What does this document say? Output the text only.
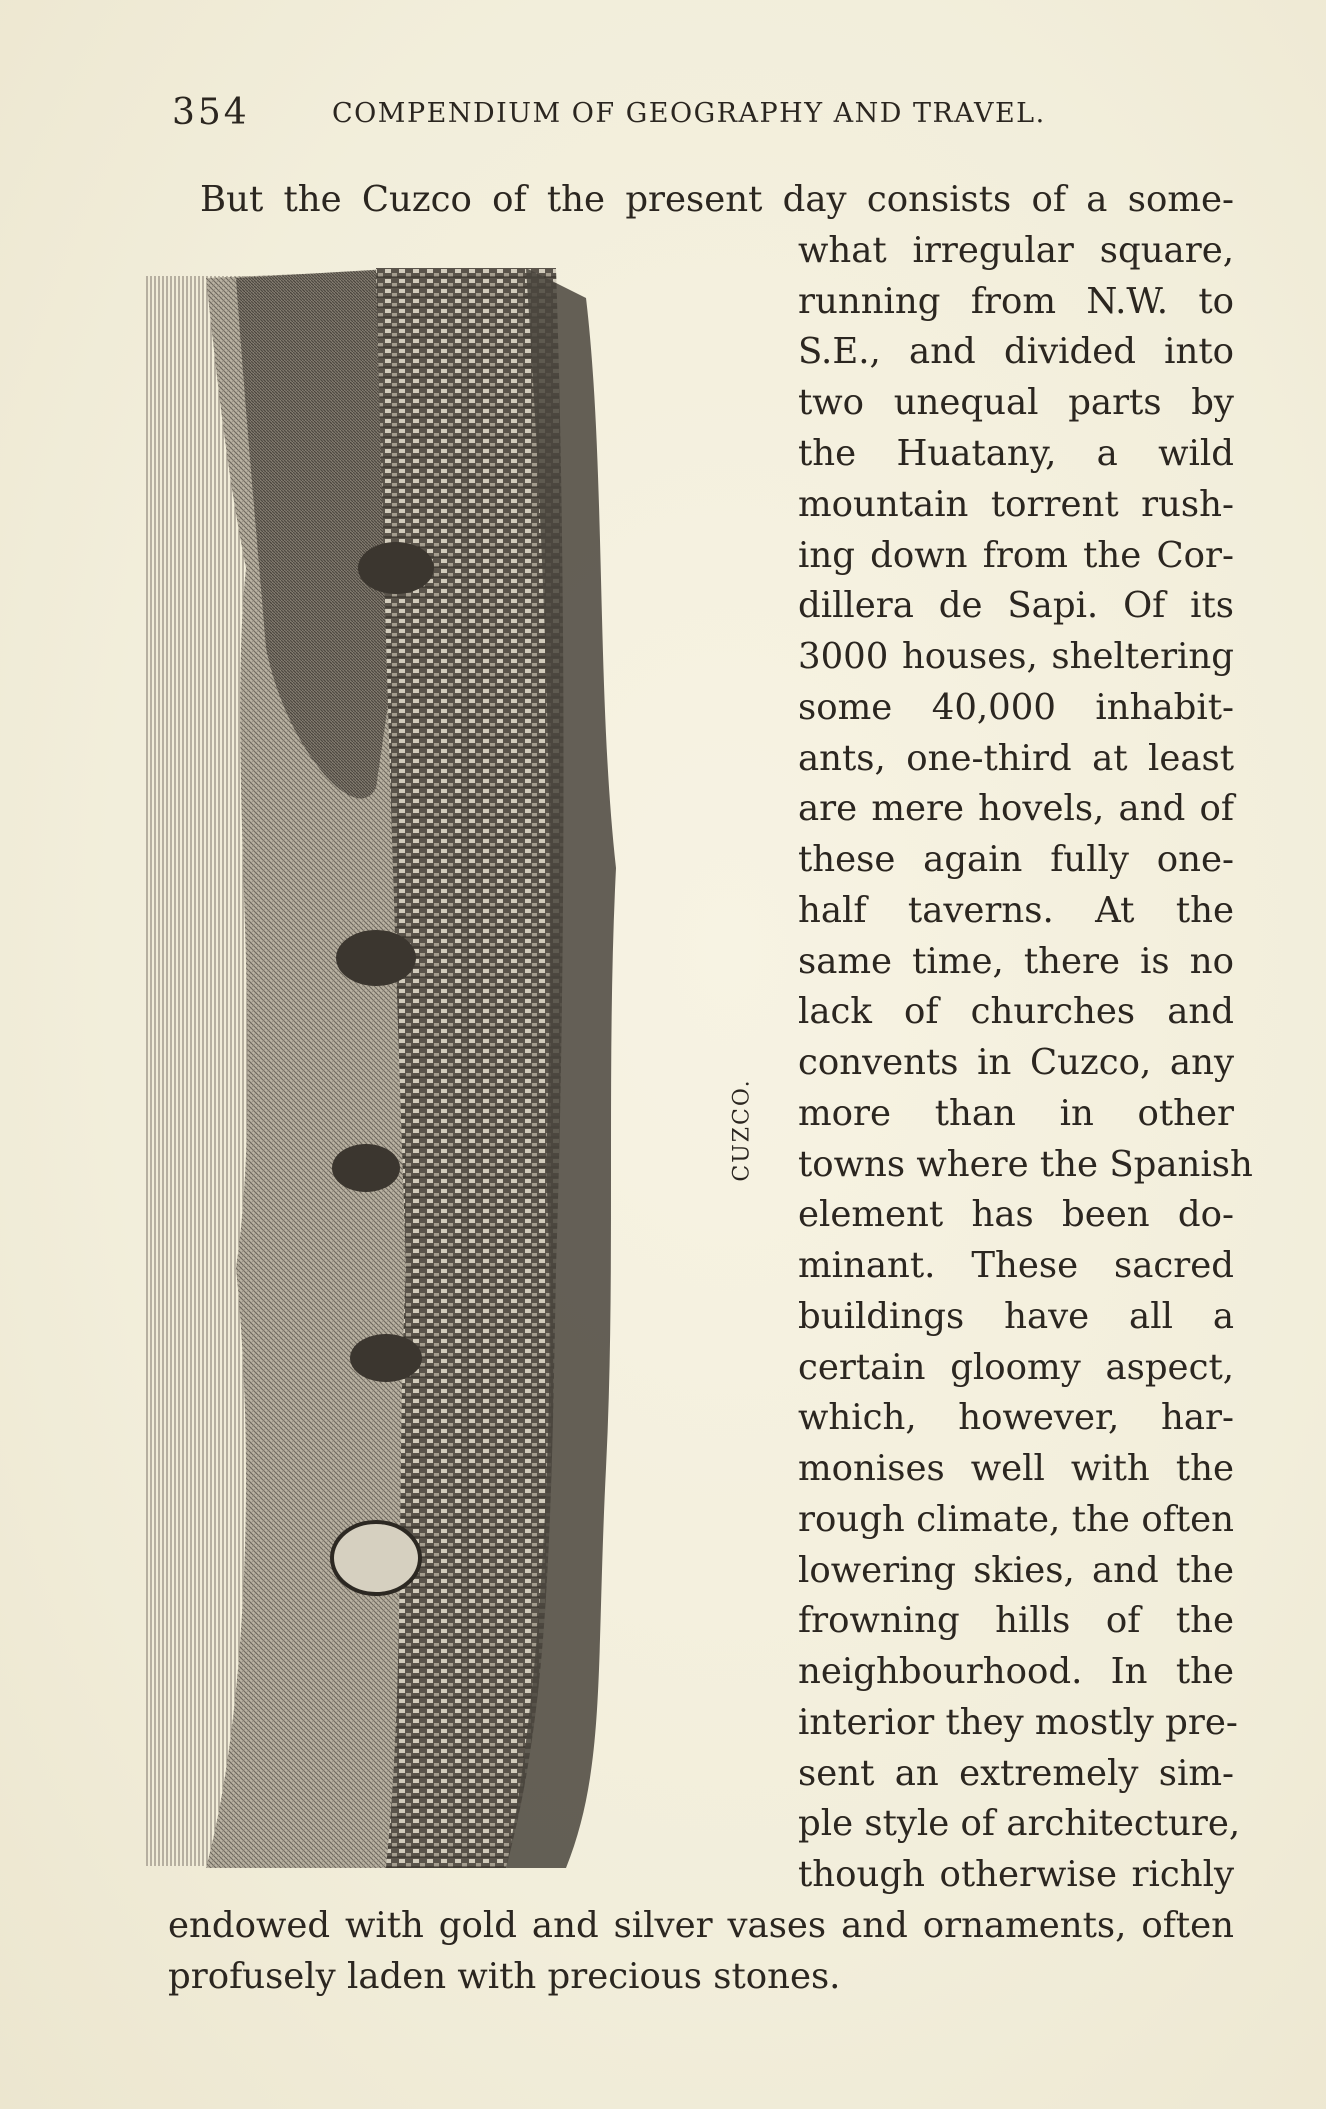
354	COMPENDIUM OF GEOGRAPHY AND TRAVEL.
But the Cuzco of the present day consists of a some-
CUZCO.
what irregular square,
running from N.W. to
S.E., and divided into
two unequal parts by
the Huatany, a wild
mountain torrent rush-
ing down from the Cor-
dillera de Sapi. Of its
3000 houses, sheltering
some 40,000 inhabit-
ants, one-third at least
are mere hovels, and of
these again fully one-
half taverns. At the
same time, there is no
lack of churches and
convents in Cuzco, any
more than in other
towns where the Spanish
element has been do-
minant. These sacred
buildings have all a
certain gloomy aspect,
which, however, har-
monises well with the
rough climate, the often
lowering skies, and the
frowning hills of the
neighbourhood. In the
interior they mostly pre-
sent an extremely sim-
ple style of architecture,
though otherwise richly
endowed with gold and silver vases and ornaments, often
profusely laden with precious stones.
